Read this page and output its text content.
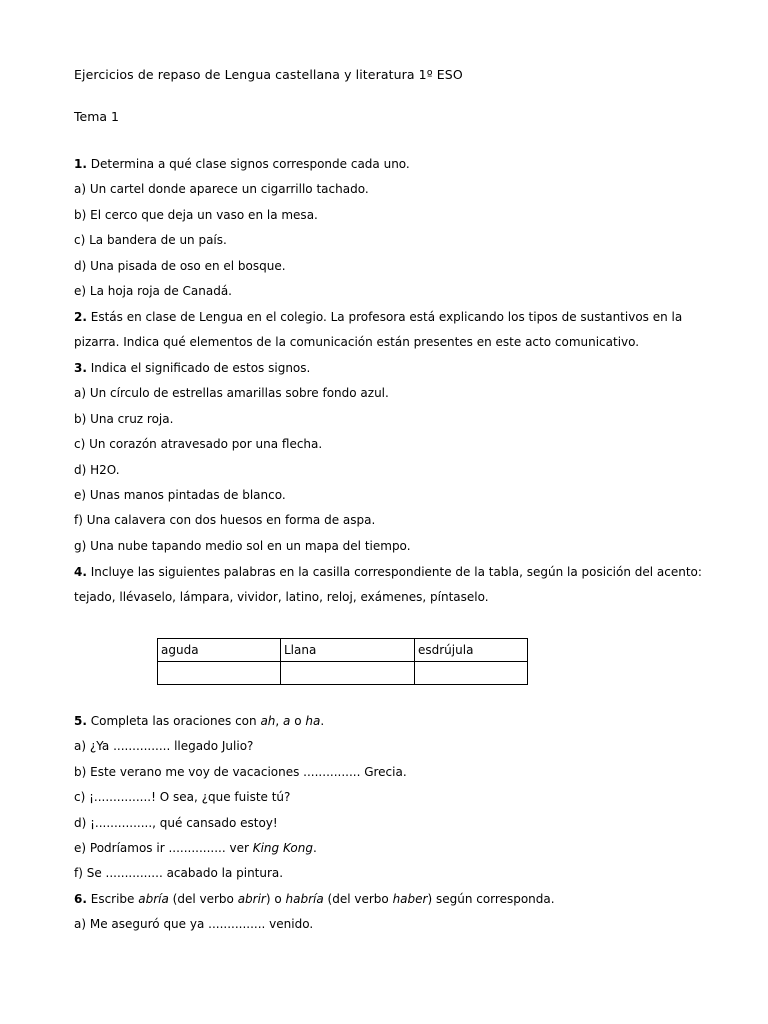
Ejercicios de repaso de Lengua castellana y literatura 1º ESO
Tema 1
1. Determina a qué clase signos corresponde cada uno.
a) Un cartel donde aparece un cigarrillo tachado.
b) El cerco que deja un vaso en la mesa.
c) La bandera de un país.
d) Una pisada de oso en el bosque.
e) La hoja roja de Canadá.
2. Estás en clase de Lengua en el colegio. La profesora está explicando los tipos de sustantivos en la
pizarra. Indica qué elementos de la comunicación están presentes en este acto comunicativo.
3. Indica el significado de estos signos.
a) Un círculo de estrellas amarillas sobre fondo azul.
b) Una cruz roja.
c) Un corazón atravesado por una flecha.
d) H2O.
e) Unas manos pintadas de blanco.
f) Una calavera con dos huesos en forma de aspa.
g) Una nube tapando medio sol en un mapa del tiempo.
4. Incluye las siguientes palabras en la casilla correspondiente de la tabla, según la posición del acento:
tejado, llévaselo, lámpara, vividor, latino, reloj, exámenes, píntaselo.
aguda	Llana	esdrújula

5. Completa las oraciones con ah, a o ha.
a) ¿Ya ............... llegado Julio?
b) Este verano me voy de vacaciones ............... Grecia.
c) ¡...............! O sea, ¿que fuiste tú?
d) ¡..............., qué cansado estoy!
e) Podríamos ir ............... ver King Kong.
f) Se ............... acabado la pintura.
6. Escribe abría (del verbo abrir) o habría (del verbo haber) según corresponda.
a) Me aseguró que ya ............... venido.
